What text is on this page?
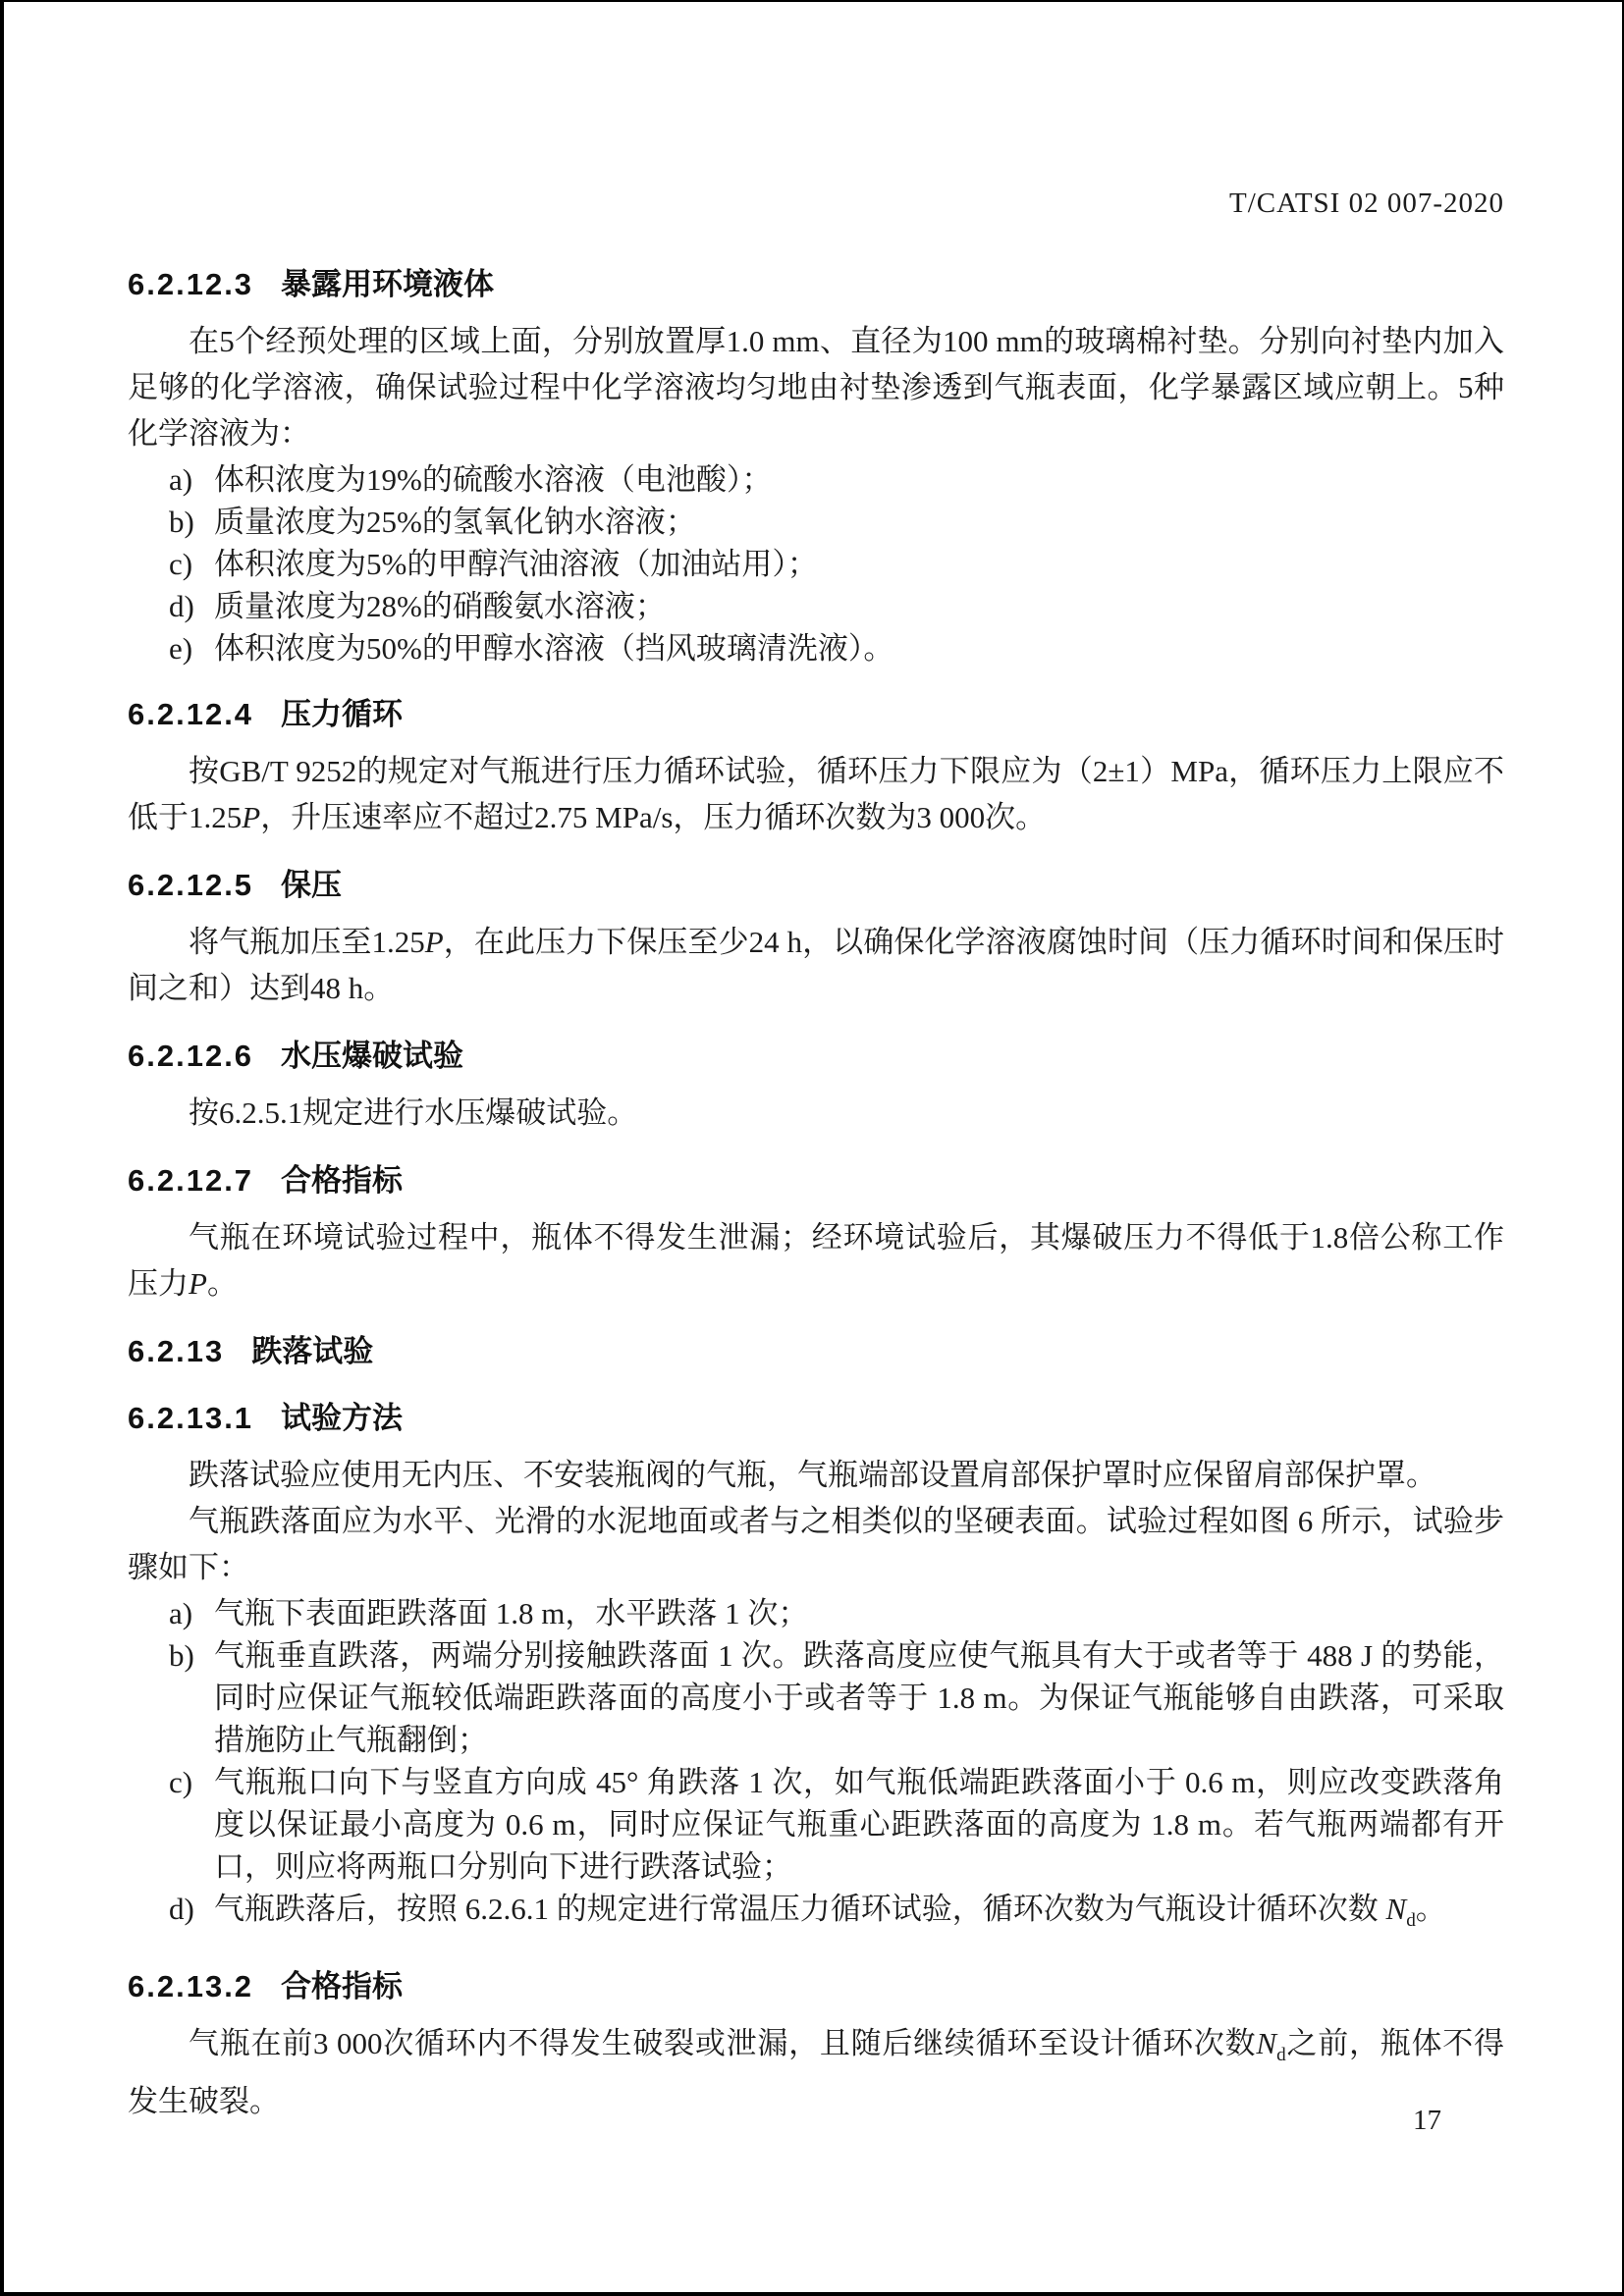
T/CATSI 02 007-2020
6.2.12.3 暴露用环境液体

在5个经预处理的区域上面，分别放置厚1.0 mm、直径为100 mm的玻璃棉衬垫。分别向衬垫内加入足够的化学溶液，确保试验过程中化学溶液均匀地由衬垫渗透到气瓶表面，化学暴露区域应朝上。5种化学溶液为：

a) 体积浓度为19%的硫酸水溶液（电池酸）；
b) 质量浓度为25%的氢氧化钠水溶液；
c) 体积浓度为5%的甲醇汽油溶液（加油站用）；
d) 质量浓度为28%的硝酸氨水溶液；
e) 体积浓度为50%的甲醇水溶液（挡风玻璃清洗液）。
6.2.12.4 压力循环

按GB/T 9252的规定对气瓶进行压力循环试验，循环压力下限应为（2±1）MPa，循环压力上限应不低于1.25P，升压速率应不超过2.75 MPa/s，压力循环次数为3 000次。

6.2.12.5 保压

将气瓶加压至1.25P，在此压力下保压至少24 h，以确保化学溶液腐蚀时间（压力循环时间和保压时间之和）达到48 h。

6.2.12.6 水压爆破试验

按6.2.5.1规定进行水压爆破试验。

6.2.12.7 合格指标

气瓶在环境试验过程中，瓶体不得发生泄漏；经环境试验后，其爆破压力不得低于1.8倍公称工作压力P。

6.2.13 跌落试验
6.2.13.1 试验方法

跌落试验应使用无内压、不安装瓶阀的气瓶，气瓶端部设置肩部保护罩时应保留肩部保护罩。

气瓶跌落面应为水平、光滑的水泥地面或者与之相类似的坚硬表面。试验过程如图 6 所示，试验步骤如下：

a) 气瓶下表面距跌落面 1.8 m，水平跌落 1 次；
b) 气瓶垂直跌落，两端分别接触跌落面 1 次。跌落高度应使气瓶具有大于或者等于 488 J 的势能，同时应保证气瓶较低端距跌落面的高度小于或者等于 1.8 m。为保证气瓶能够自由跌落，可采取措施防止气瓶翻倒；
c) 气瓶瓶口向下与竖直方向成 45° 角跌落 1 次，如气瓶低端距跌落面小于 0.6 m，则应改变跌落角度以保证最小高度为 0.6 m，同时应保证气瓶重心距跌落面的高度为 1.8 m。若气瓶两端都有开口，则应将两瓶口分别向下进行跌落试验；
d) 气瓶跌落后，按照 6.2.6.1 的规定进行常温压力循环试验，循环次数为气瓶设计循环次数 $N_d$。
6.2.13.2 合格指标

气瓶在前3 000次循环内不得发生破裂或泄漏，且随后继续循环至设计循环次数$N_d$之前，瓶体不得发生破裂。

17
